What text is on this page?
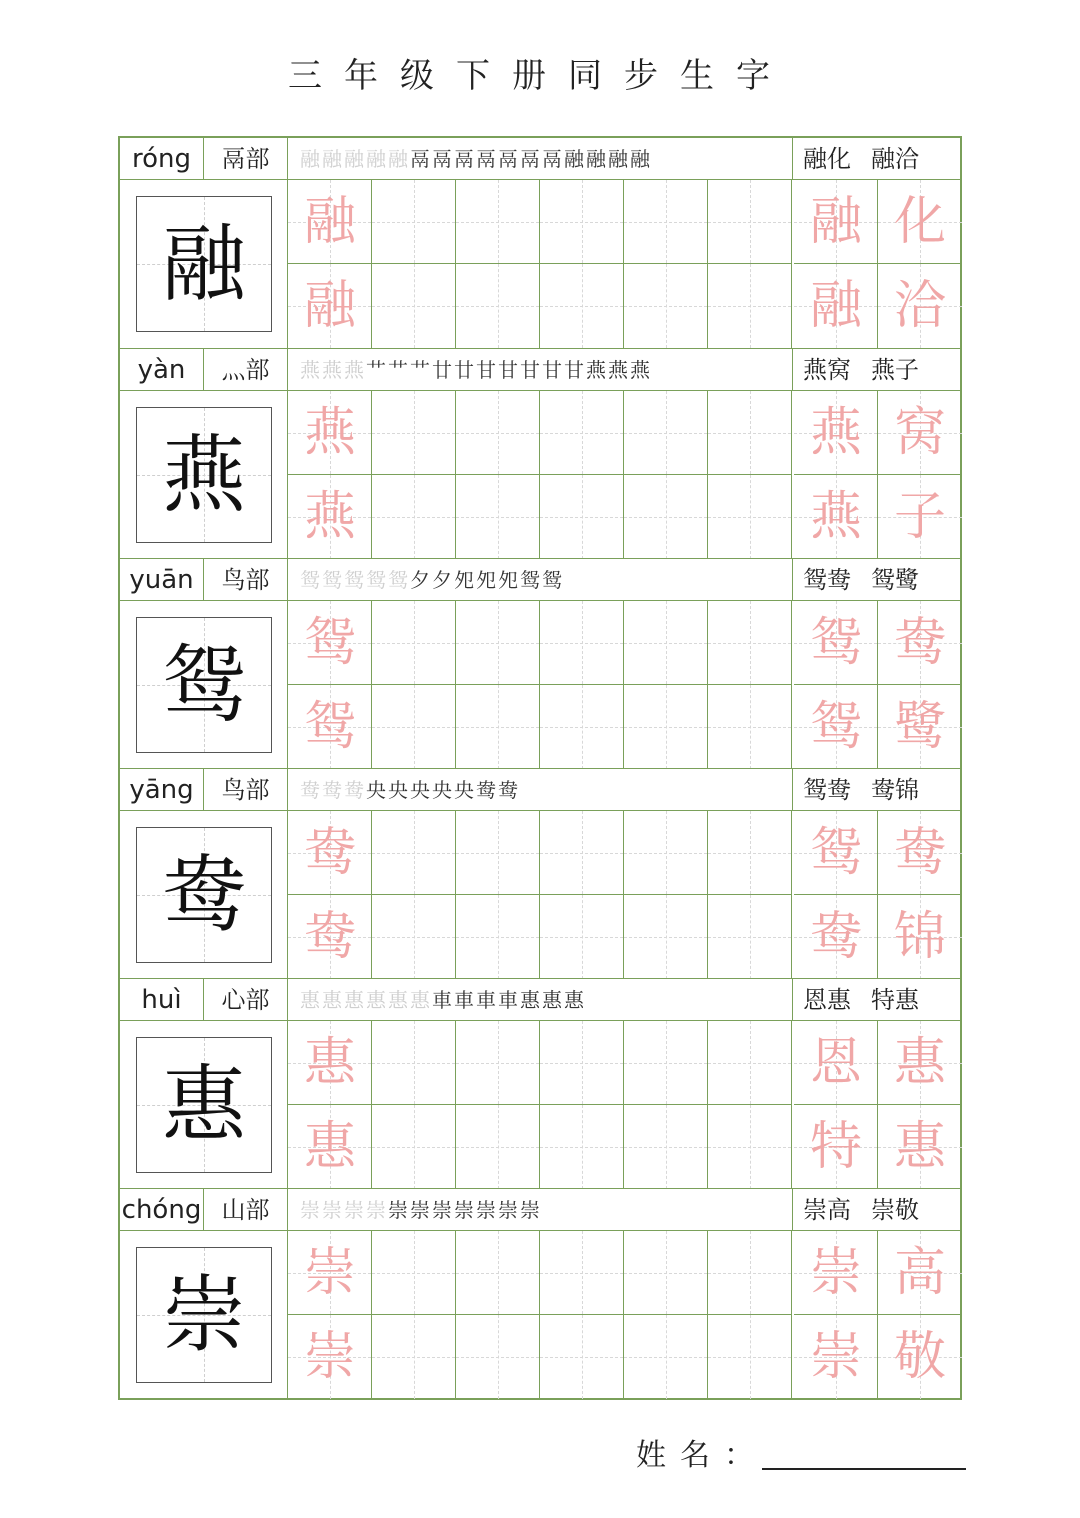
三年级下册同步生字
róng	鬲部	融融融融融鬲鬲鬲鬲鬲鬲鬲融融融融	融化 融洽
融	融	融 化
融	融 洽
yàn	灬部	燕燕燕艹艹艹廿廿甘甘甘甘甘燕燕燕	燕窝 燕子
燕	燕	燕 窝
燕	燕 子
yuān	鸟部	鸳鸳鸳鸳鸳夕夕夗夗夗鸳鸳	鸳鸯 鸳鹭
鸳	鸳	鸳 鸯
鸳	鸳 鹭
yāng	鸟部	鸯鸯鸯央央央央央鸯鸯	鸳鸯 鸯锦
鸯	鸯	鸳 鸯
鸯	鸯 锦
huì	心部	惠惠惠惠惠惠車車車車惠惠惠	恩惠 特惠
惠	惠	恩 惠
惠	特 惠
chóng 山部	崇崇崇崇崇崇崇崇崇崇崇	崇高 崇敬
崇	崇	崇 高
崇	崇 敬
姓名：
